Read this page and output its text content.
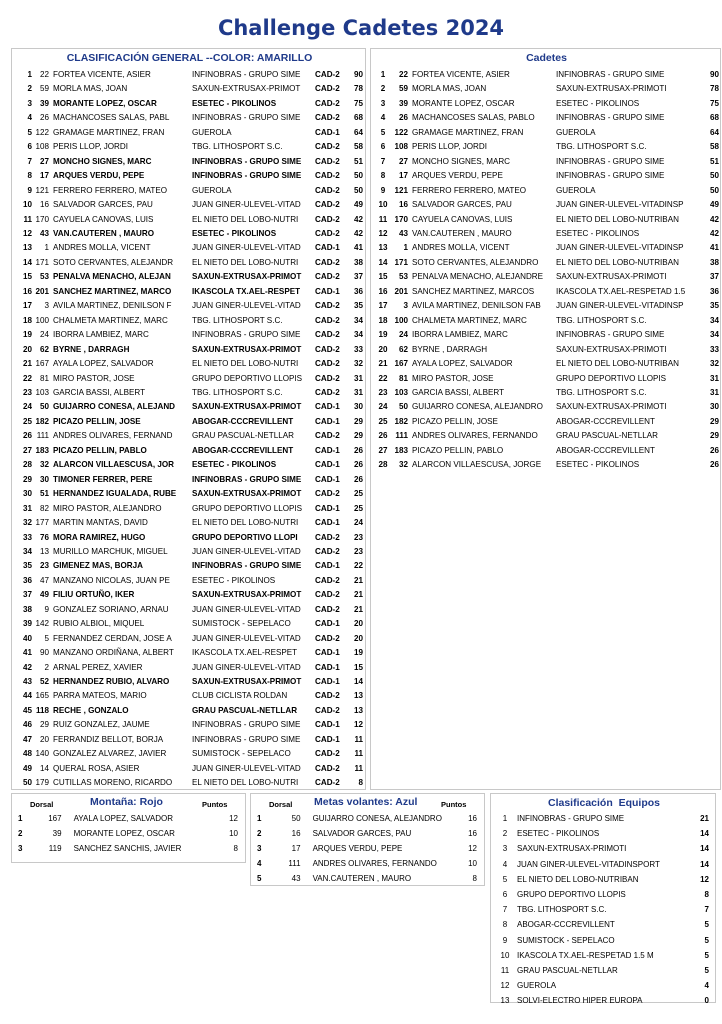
Challenge Cadetes 2024
CLASIFICACIÓN GENERAL --COLOR: AMARILLO
1	22	FORTEA VICENTE, ASIER	INFINOBRAS - GRUPO SIME	CAD-2	90
2	59	MORLA MAS, JOAN	SAXUN-EXTRUSAX-PRIMOT	CAD-2	78
3	39	MORANTE LOPEZ, OSCAR	ESETEC - PIKOLINOS	CAD-2	75
4	26	MACHANCOSES SALAS, PABL	INFINOBRAS - GRUPO SIME	CAD-2	68
5	122	GRAMAGE MARTINEZ, FRAN	GUEROLA	CAD-1	64
6	108	PERIS LLOP, JORDI	TBG. LITHOSPORT S.C.	CAD-2	58
7	27	MONCHO SIGNES, MARC	INFINOBRAS - GRUPO SIME	CAD-2	51
8	17	ARQUES VERDU, PEPE	INFINOBRAS - GRUPO SIME	CAD-2	50
9	121	FERRERO FERRERO, MATEO	GUEROLA	CAD-2	50
10	16	SALVADOR GARCES, PAU	JUAN GINER-ULEVEL-VITAD	CAD-2	49
11	170	CAYUELA CANOVAS, LUIS	EL NIETO DEL LOBO-NUTRI	CAD-2	42
12	43	VAN.CAUTEREN , MAURO	ESETEC - PIKOLINOS	CAD-2	42
13	1	ANDRES MOLLA, VICENT	JUAN GINER-ULEVEL-VITAD	CAD-1	41
14	171	SOTO CERVANTES, ALEJANDR	EL NIETO DEL LOBO-NUTRI	CAD-2	38
15	53	PENALVA MENACHO, ALEJAN	SAXUN-EXTRUSAX-PRIMOT	CAD-2	37
16	201	SANCHEZ MARTINEZ, MARCO	IKASCOLA TX.AEL-RESPET	CAD-1	36
17	3	AVILA MARTINEZ, DENILSON F	JUAN GINER-ULEVEL-VITAD	CAD-2	35
18	100	CHALMETA MARTINEZ, MARC	TBG. LITHOSPORT S.C.	CAD-2	34
19	24	IBORRA LAMBIEZ, MARC	INFINOBRAS - GRUPO SIME	CAD-2	34
20	62	BYRNE , DARRAGH	SAXUN-EXTRUSAX-PRIMOT	CAD-2	33
21	167	AYALA LOPEZ, SALVADOR	EL NIETO DEL LOBO-NUTRI	CAD-2	32
22	81	MIRO PASTOR, JOSE	GRUPO DEPORTIVO LLOPIS	CAD-2	31
23	103	GARCIA BASSI, ALBERT	TBG. LITHOSPORT S.C.	CAD-2	31
24	50	GUIJARRO CONESA, ALEJAND	SAXUN-EXTRUSAX-PRIMOT	CAD-1	30
25	182	PICAZO PELLIN, JOSE	ABOGAR-CCCREVILLENT	CAD-1	29
26	111	ANDRES OLIVARES, FERNAND	GRAU PASCUAL-NETLLAR	CAD-2	29
27	183	PICAZO PELLIN, PABLO	ABOGAR-CCCREVILLENT	CAD-1	26
28	32	ALARCON VILLAESCUSA, JOR	ESETEC - PIKOLINOS	CAD-1	26
29	30	TIMONER FERRER, PERE	INFINOBRAS - GRUPO SIME	CAD-1	26
30	51	HERNANDEZ IGUALADA, RUBE	SAXUN-EXTRUSAX-PRIMOT	CAD-2	25
31	82	MIRO PASTOR, ALEJANDRO	GRUPO DEPORTIVO LLOPIS	CAD-1	25
32	177	MARTIN MANTAS, DAVID	EL NIETO DEL LOBO-NUTRI	CAD-1	24
33	76	MORA RAMIREZ, HUGO	GRUPO DEPORTIVO LLOPI	CAD-2	23
34	13	MURILLO MARCHUK, MIGUEL	JUAN GINER-ULEVEL-VITAD	CAD-2	23
35	23	GIMENEZ MAS, BORJA	INFINOBRAS - GRUPO SIME	CAD-1	22
36	47	MANZANO NICOLAS, JUAN PE	ESETEC - PIKOLINOS	CAD-2	21
37	49	FILIU ORTUÑO, IKER	SAXUN-EXTRUSAX-PRIMOT	CAD-2	21
38	9	GONZALEZ SORIANO, ARNAU	JUAN GINER-ULEVEL-VITAD	CAD-2	21
39	142	RUBIO ALBIOL, MIQUEL	SUMISTOCK - SEPELACO	CAD-1	20
40	5	FERNANDEZ CERDAN, JOSE A	JUAN GINER-ULEVEL-VITAD	CAD-2	20
41	90	MANZANO ORDIÑANA, ALBERT	IKASCOLA TX.AEL-RESPET	CAD-1	19
42	2	ARNAL PEREZ, XAVIER	JUAN GINER-ULEVEL-VITAD	CAD-1	15
43	52	HERNANDEZ RUBIO, ALVARO	SAXUN-EXTRUSAX-PRIMOT	CAD-1	14
44	165	PARRA MATEOS, MARIO	CLUB CICLISTA ROLDAN	CAD-2	13
45	118	RECHE , GONZALO	GRAU PASCUAL-NETLLAR	CAD-2	13
46	29	RUIZ GONZALEZ, JAUME	INFINOBRAS - GRUPO SIME	CAD-1	12
47	20	FERRANDIZ BELLOT, BORJA	INFINOBRAS - GRUPO SIME	CAD-1	11
48	140	GONZALEZ ALVAREZ, JAVIER	SUMISTOCK - SEPELACO	CAD-2	11
49	14	QUERAL ROSA, ASIER	JUAN GINER-ULEVEL-VITAD	CAD-2	11
50	179	CUTILLAS MORENO, RICARDO	EL NIETO DEL LOBO-NUTRI	CAD-2	8
Cadetes
1	22	FORTEA VICENTE, ASIER	INFINOBRAS - GRUPO SIME	90
2	59	MORLA MAS, JOAN	SAXUN-EXTRUSAX-PRIMOTI	78
3	39	MORANTE LOPEZ, OSCAR	ESETEC - PIKOLINOS	75
4	26	MACHANCOSES SALAS, PABLO	INFINOBRAS - GRUPO SIME	68
5	122	GRAMAGE MARTINEZ, FRAN	GUEROLA	64
6	108	PERIS LLOP, JORDI	TBG. LITHOSPORT S.C.	58
7	27	MONCHO SIGNES, MARC	INFINOBRAS - GRUPO SIME	51
8	17	ARQUES VERDU, PEPE	INFINOBRAS - GRUPO SIME	50
9	121	FERRERO FERRERO, MATEO	GUEROLA	50
10	16	SALVADOR GARCES, PAU	JUAN GINER-ULEVEL-VITADINSP	49
11	170	CAYUELA CANOVAS, LUIS	EL NIETO DEL LOBO-NUTRIBAN	42
12	43	VAN.CAUTEREN , MAURO	ESETEC - PIKOLINOS	42
13	1	ANDRES MOLLA, VICENT	JUAN GINER-ULEVEL-VITADINSP	41
14	171	SOTO CERVANTES, ALEJANDRO	EL NIETO DEL LOBO-NUTRIBAN	38
15	53	PENALVA MENACHO, ALEJANDRE	SAXUN-EXTRUSAX-PRIMOTI	37
16	201	SANCHEZ MARTINEZ, MARCOS	IKASCOLA TX.AEL-RESPETAD 1.5	36
17	3	AVILA MARTINEZ, DENILSON FAB	JUAN GINER-ULEVEL-VITADINSP	35
18	100	CHALMETA MARTINEZ, MARC	TBG. LITHOSPORT S.C.	34
19	24	IBORRA LAMBIEZ, MARC	INFINOBRAS - GRUPO SIME	34
20	62	BYRNE , DARRAGH	SAXUN-EXTRUSAX-PRIMOTI	33
21	167	AYALA LOPEZ, SALVADOR	EL NIETO DEL LOBO-NUTRIBAN	32
22	81	MIRO PASTOR, JOSE	GRUPO DEPORTIVO LLOPIS	31
23	103	GARCIA BASSI, ALBERT	TBG. LITHOSPORT S.C.	31
24	50	GUIJARRO CONESA, ALEJANDRO	SAXUN-EXTRUSAX-PRIMOTI	30
25	182	PICAZO PELLIN, JOSE	ABOGAR-CCCREVILLENT	29
26	111	ANDRES OLIVARES, FERNANDO	GRAU PASCUAL-NETLLAR	29
27	183	PICAZO PELLIN, PABLO	ABOGAR-CCCREVILLENT	26
28	32	ALARCON VILLAESCUSA, JORGE	ESETEC - PIKOLINOS	26
Dorsal	Montaña: Rojo	Puntos
1	167	AYALA LOPEZ, SALVADOR	12
2	39	MORANTE LOPEZ, OSCAR	10
3	119	SANCHEZ SANCHIS, JAVIER	8
Dorsal Metas volantes: Azul	Puntos
1	50	GUIJARRO CONESA, ALEJANDRO	16
2	16	SALVADOR GARCES, PAU	16
3	17	ARQUES VERDU, PEPE	12
4	111	ANDRES OLIVARES, FERNANDO	10
5	43	VAN.CAUTEREN , MAURO	8
Clasificación  Equipos
1	INFINOBRAS - GRUPO SIME	21
2	ESETEC - PIKOLINOS	14
3	SAXUN-EXTRUSAX-PRIMOTI	14
4	JUAN GINER-ULEVEL-VITADINSPORT	14
5	EL NIETO DEL LOBO-NUTRIBAN	12
6	GRUPO DEPORTIVO LLOPIS	8
7	TBG. LITHOSPORT S.C.	7
8	ABOGAR-CCCREVILLENT	5
9	SUMISTOCK - SEPELACO	5
10	IKASCOLA TX.AEL-RESPETAD 1.5 M	5
11	GRAU PASCUAL-NETLLAR	5
12	GUEROLA	4
13	SOLVI-ELECTRO HIPER EUROPA	0
